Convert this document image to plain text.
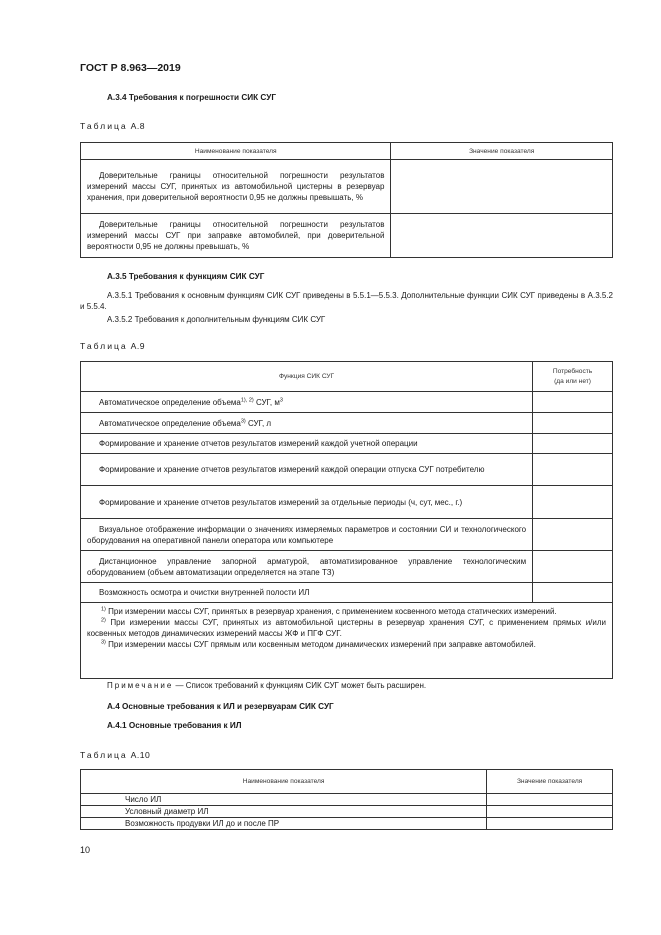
ГОСТ Р 8.963—2019
А.3.4 Требования к погрешности СИК СУГ
Таблица А.8
Наименование показателя	Значение показателя
Доверительные границы относительной погрешности результатов измерений массы СУГ, принятых из автомобильной цистерны в резервуар хранения, при доверительной вероятности 0,95 не должны превышать, %	
Доверительные границы относительной погрешности результатов измерений массы СУГ при заправке автомобилей, при доверительной вероятности 0,95 не должны превышать, %	
А.3.5 Требования к функциям СИК СУГ
А.3.5.1 Требования к основным функциям СИК СУГ приведены в 5.5.1—5.5.3. Дополнительные функции СИК СУГ приведены в А.3.5.2 и 5.5.4.
А.3.5.2 Требования к дополнительным функциям СИК СУГ
Таблица А.9
Функция СИК СУГ	Потребность
(да или нет)

Автоматическое определение объема$^{1), 2)}$ СУГ, $м^3$	
Автоматическое определение объема$^{3)}$ СУГ, л	
Формирование и хранение отчетов результатов измерений каждой учетной операции	
Формирование и хранение отчетов результатов измерений каждой операции отпуска СУГ потребителю	
Формирование и хранение отчетов результатов измерений за отдельные периоды (ч, сут, мес., г.)	
Визуальное отображение информации о значениях измеряемых параметров и состоянии СИ и технологического оборудования на оперативной панели оператора или компьютере	
Дистанционное управление запорной арматурой, автоматизированное управление технологическим оборудованием (объем автоматизации определяется на этапе ТЗ)	
Возможность осмотра и очистки внутренней полости ИЛ	

$^{1)}$ При измерении массы СУГ, принятых в резервуар хранения, с применением косвенного метода статических измерений.

$^{2)}$ При измерении массы СУГ, принятых из автомобильной цистерны в резервуар хранения СУГ, с применением прямых и/или косвенных методов динамических измерений массы ЖФ и ПГФ СУГ.

$^{3)}$ При измерении массы СУГ прямым или косвенным методом динамических измерений при заправке автомобилей.	

Примечание — Список требований к функциям СИК СУГ может быть расширен.
А.4 Основные требования к ИЛ и резервуарам СИК СУГ
А.4.1 Основные требования к ИЛ
Таблица А.10
Наименование показателя	Значение показателя
Число ИЛ	
Условный диаметр ИЛ	
Возможность продувки ИЛ до и после ПР	
10
